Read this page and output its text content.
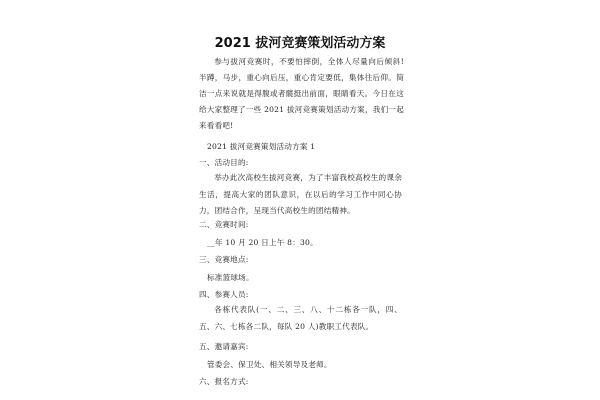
2021 拔河竞赛策划活动方案
参与拔河竞赛时，不要怕摔倒，全体人尽量向后倾斜!半蹲，马步，重心向后压，重心肯定要低，集体往后仰。简洁一点来说就是得腹或者髋挺出前面，眼睛看天。今日在这给大家整理了一些 2021 拔河竞赛策划活动方案，我们一起来看看吧!
2021 拔河竞赛策划活动方案 1
一、活动目的:
举办此次高校生拔河竞赛，为了丰富我校高校生的课余生活，提高大家的团队意识，在以后的学习工作中同心协力，团结合作，呈现当代高校生的团结精神。
二、竞赛时间:
__年 10 月 20 日上午 8：30。
三、竞赛地点:
标准篮球场。
四、参赛人员:
各栋代表队(一、二、三、八、十二栋各一队，四、五、六、七栋各二队，每队 20 人)教职工代表队。
五、邀请嘉宾:
管委会、保卫处、相关领导及老师。
六、报名方式:
